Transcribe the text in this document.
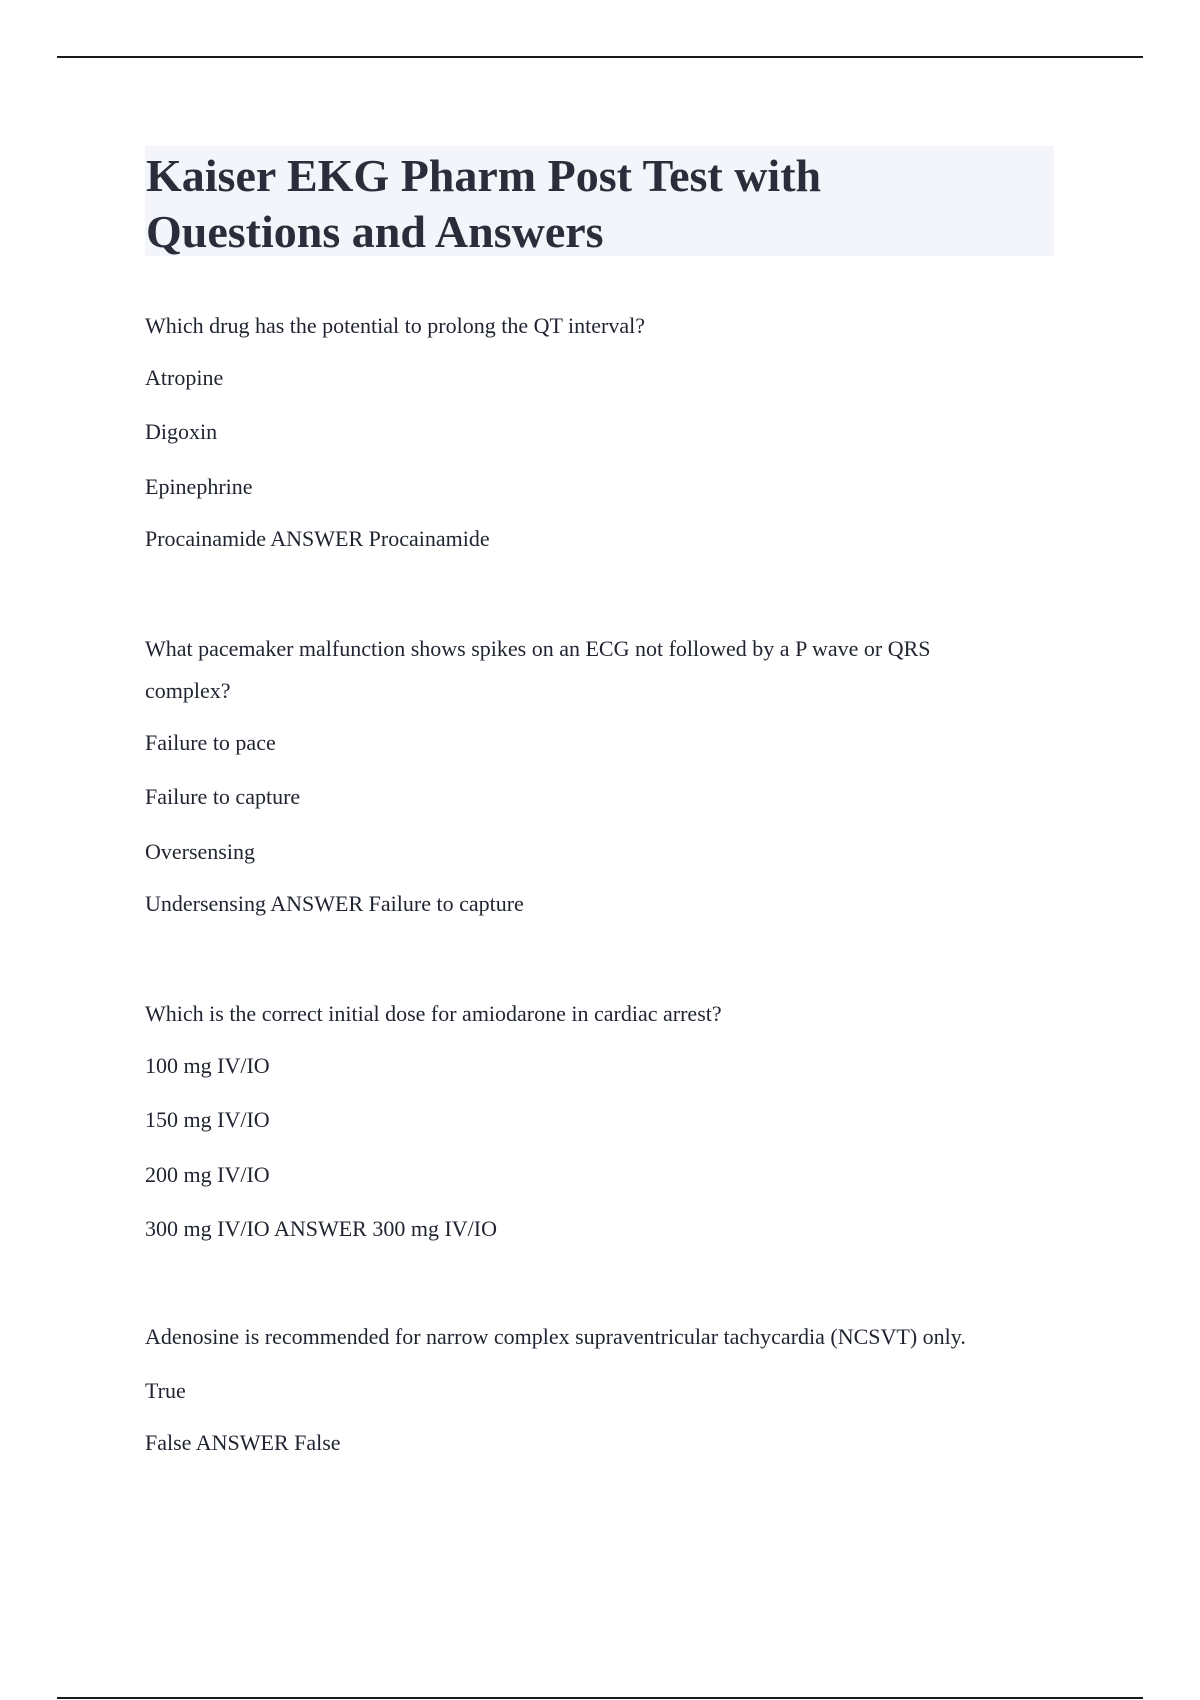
Kaiser EKG Pharm Post Test with
Questions and Answers
Which drug has the potential to prolong the QT interval?
Atropine
Digoxin
Epinephrine
Procainamide ANSWER Procainamide
What pacemaker malfunction shows spikes on an ECG not followed by a P wave or QRS
complex?
Failure to pace
Failure to capture
Oversensing
Undersensing ANSWER Failure to capture
Which is the correct initial dose for amiodarone in cardiac arrest?
100 mg IV/IO
150 mg IV/IO
200 mg IV/IO
300 mg IV/IO ANSWER 300 mg IV/IO
Adenosine is recommended for narrow complex supraventricular tachycardia (NCSVT) only.
True
False ANSWER False
